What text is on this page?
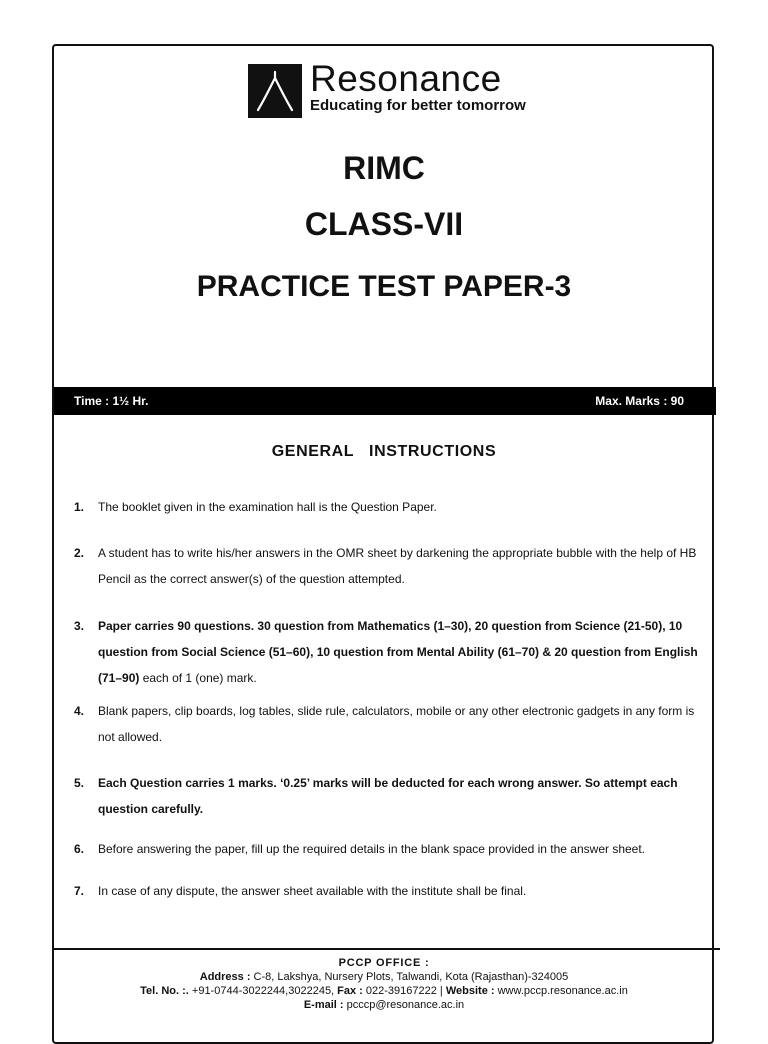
Resonance
Educating for better tomorrow
RIMC
CLASS-VII
PRACTICE TEST PAPER-3
Time : 1½ Hr.	Max. Marks : 90
GENERAL   INSTRUCTIONS
1. The booklet given in the examination hall is the Question Paper.
2. A student has to write his/her answers in the OMR sheet by darkening the appropriate bubble with the help of HB Pencil as the correct answer(s) of the question attempted.
3. Paper carries 90 questions. 30 question from Mathematics (1–30), 20 question from Science (21-50), 10 question from Social Science (51–60), 10 question from Mental Ability (61–70) & 20 question from English (71–90) each of 1 (one) mark.
4. Blank papers, clip boards, log tables, slide rule, calculators, mobile or any other electronic gadgets in any form is not allowed.
5. Each Question carries 1 marks. ‘0.25’ marks will be deducted for each wrong answer. So attempt each question carefully.
6. Before answering the paper, fill up the required details in the blank space provided in the answer sheet.
7. In case of any dispute, the answer sheet available with the institute shall be final.
PCCP OFFICE :
Address : C-8, Lakshya, Nursery Plots, Talwandi, Kota (Rajasthan)-324005
Tel. No. :. +91-0744-3022244,3022245, Fax : 022-39167222 | Website : www.pccp.resonance.ac.in
E-mail : pcccp@resonance.ac.in
